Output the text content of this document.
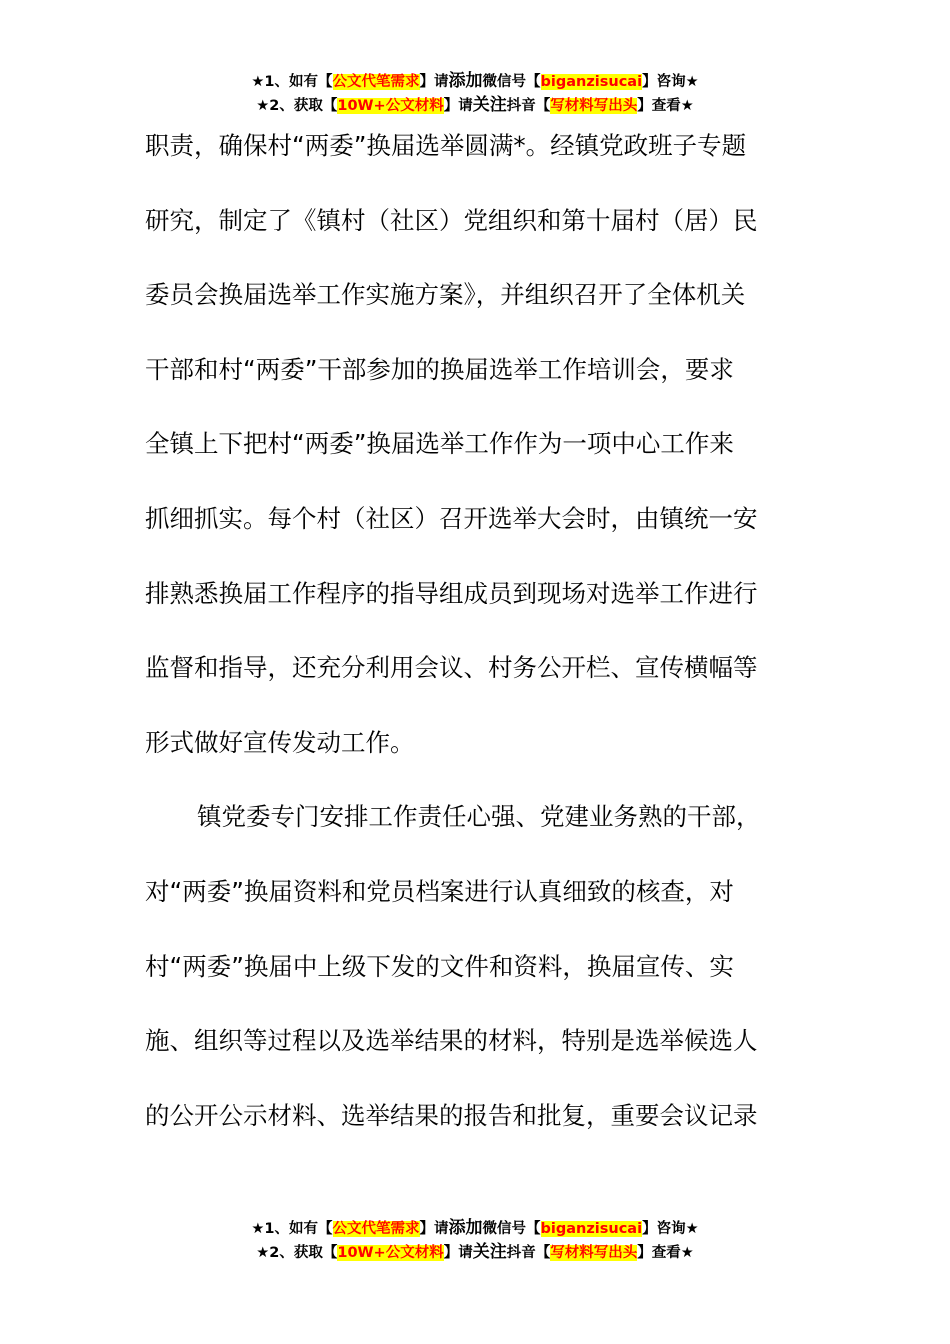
★1、如有【公文代笔需求】请添加微信号【biganzisucai】咨询★
★2、获取【10W+公文材料】请关注抖音【写材料写出头】查看★
职责，确保村“两委”换届选举圆满*。经镇党政班子专题
研究，制定了《镇村（社区）党组织和第十届村（居）民
委员会换届选举工作实施方案》，并组织召开了全体机关
干部和村“两委”干部参加的换届选举工作培训会，要求
全镇上下把村“两委”换届选举工作作为一项中心工作来
抓细抓实。每个村（社区）召开选举大会时，由镇统一安
排熟悉换届工作程序的指导组成员到现场对选举工作进行
监督和指导，还充分利用会议、村务公开栏、宣传横幅等
形式做好宣传发动工作。
镇党委专门安排工作责任心强、党建业务熟的干部，
对“两委”换届资料和党员档案进行认真细致的核查，对
村“两委”换届中上级下发的文件和资料，换届宣传、实
施、组织等过程以及选举结果的材料，特别是选举候选人
的公开公示材料、选举结果的报告和批复，重要会议记录
★1、如有【公文代笔需求】请添加微信号【biganzisucai】咨询★
★2、获取【10W+公文材料】请关注抖音【写材料写出头】查看★
